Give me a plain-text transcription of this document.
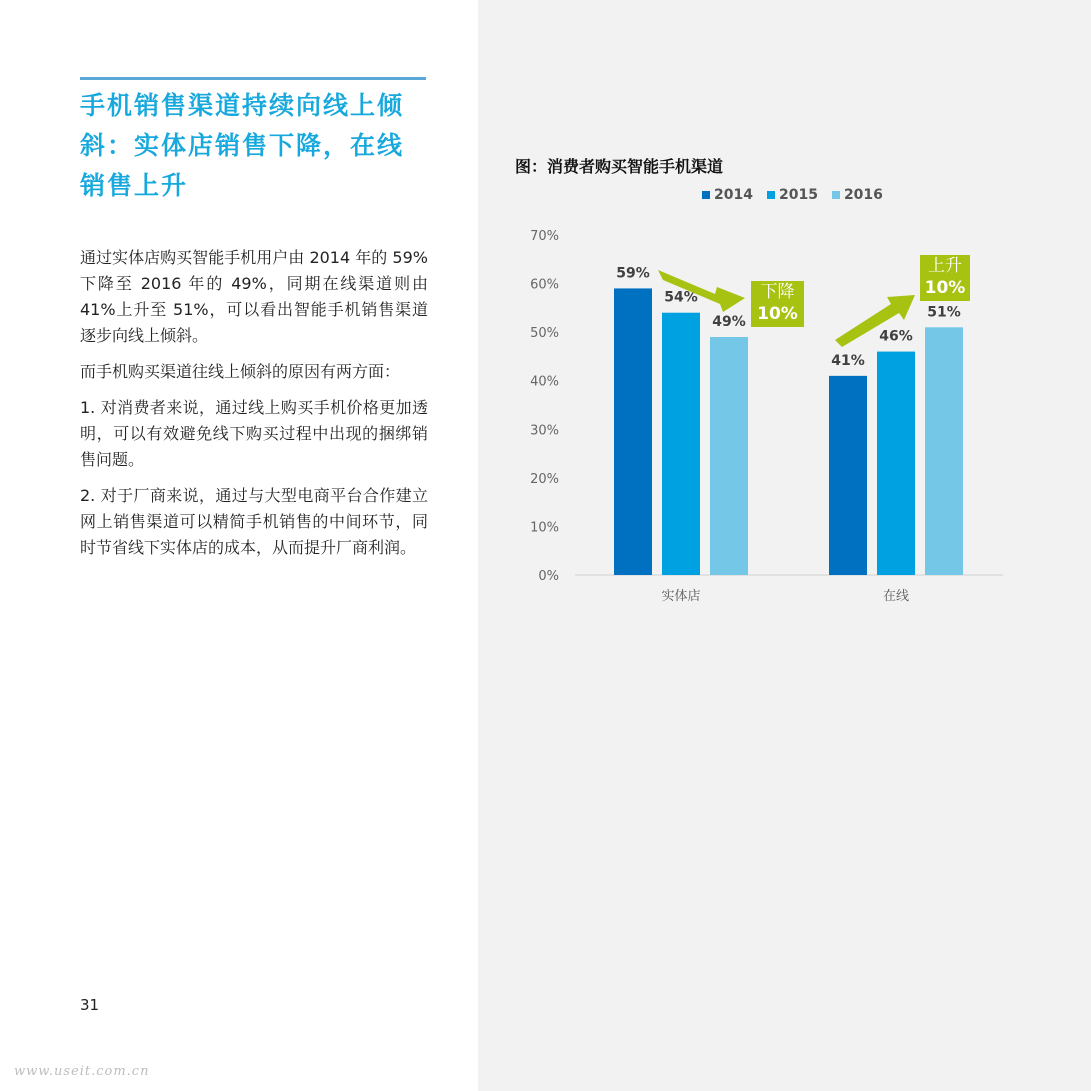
手机销售渠道持续向线上倾斜：实体店销售下降，在线销售上升

通过实体店购买智能手机用户由 2014 年的 59%下降至 2016 年的 49%，同期在线渠道则由 41%上升至 51%，可以看出智能手机销售渠道逐步向线上倾斜。

而手机购买渠道往线上倾斜的原因有两方面：

1. 对消费者来说，通过线上购买手机价格更加透明，可以有效避免线下购买过程中出现的捆绑销售问题。

2. 对于厂商来说，通过与大型电商平台合作建立网上销售渠道可以精简手机销售的中间环节，同时节省线下实体店的成本，从而提升厂商利润。

31
www.useit.com.cn
图：消费者购买智能手机渠道
2014 2015 2016
0%
10%
20%
30%
40%
50%
60%
70%
59%
54%
49%
实体店
41%
46%
51%
在线
下降
10%
上升
10%
